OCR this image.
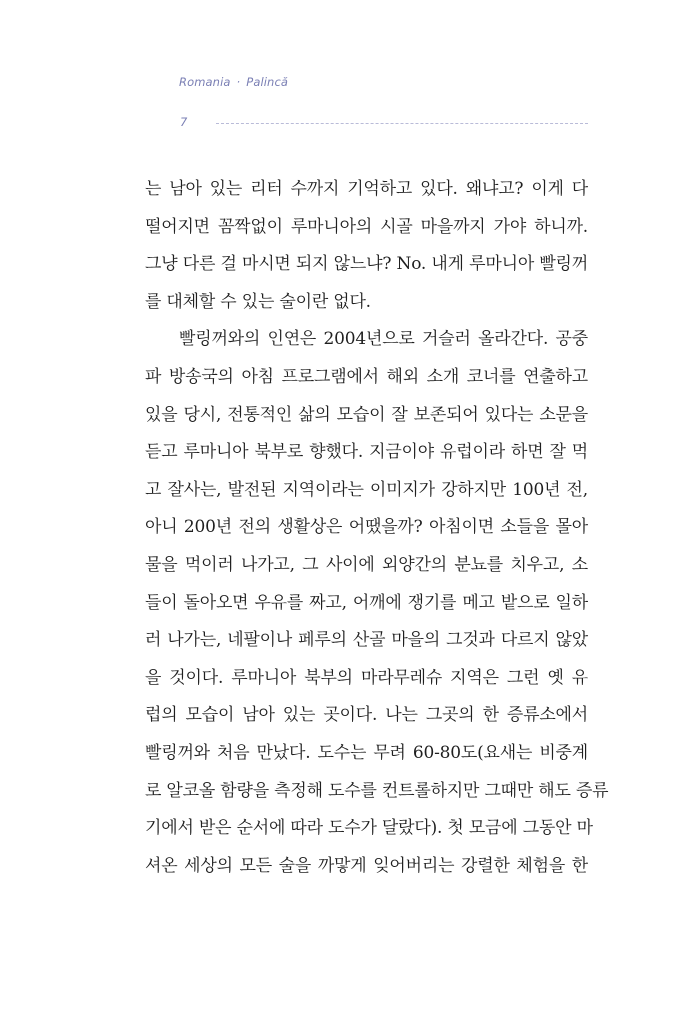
Romania · Palincă
7
는 남아 있는 리터 수까지 기억하고 있다. 왜냐고? 이게 다
떨어지면 꼼짝없이 루마니아의 시골 마을까지 가야 하니까.
그냥 다른 걸 마시면 되지 않느냐? No. 내게 루마니아 빨링꺼
를 대체할 수 있는 술이란 없다.
빨링꺼와의 인연은 2004년으로 거슬러 올라간다. 공중
파 방송국의 아침 프로그램에서 해외 소개 코너를 연출하고
있을 당시, 전통적인 삶의 모습이 잘 보존되어 있다는 소문을
듣고 루마니아 북부로 향했다. 지금이야 유럽이라 하면 잘 먹
고 잘사는, 발전된 지역이라는 이미지가 강하지만 100년 전,
아니 200년 전의 생활상은 어땠을까? 아침이면 소들을 몰아
물을 먹이러 나가고, 그 사이에 외양간의 분뇨를 치우고, 소
들이 돌아오면 우유를 짜고, 어깨에 쟁기를 메고 밭으로 일하
러 나가는, 네팔이나 페루의 산골 마을의 그것과 다르지 않았
을 것이다. 루마니아 북부의 마라무레슈 지역은 그런 옛 유
럽의 모습이 남아 있는 곳이다. 나는 그곳의 한 증류소에서
빨링꺼와 처음 만났다. 도수는 무려 60-80도(요새는 비중계
로 알코올 함량을 측정해 도수를 컨트롤하지만 그때만 해도 증류
기에서 받은 순서에 따라 도수가 달랐다). 첫 모금에 그동안 마
셔온 세상의 모든 술을 까맣게 잊어버리는 강렬한 체험을 한
